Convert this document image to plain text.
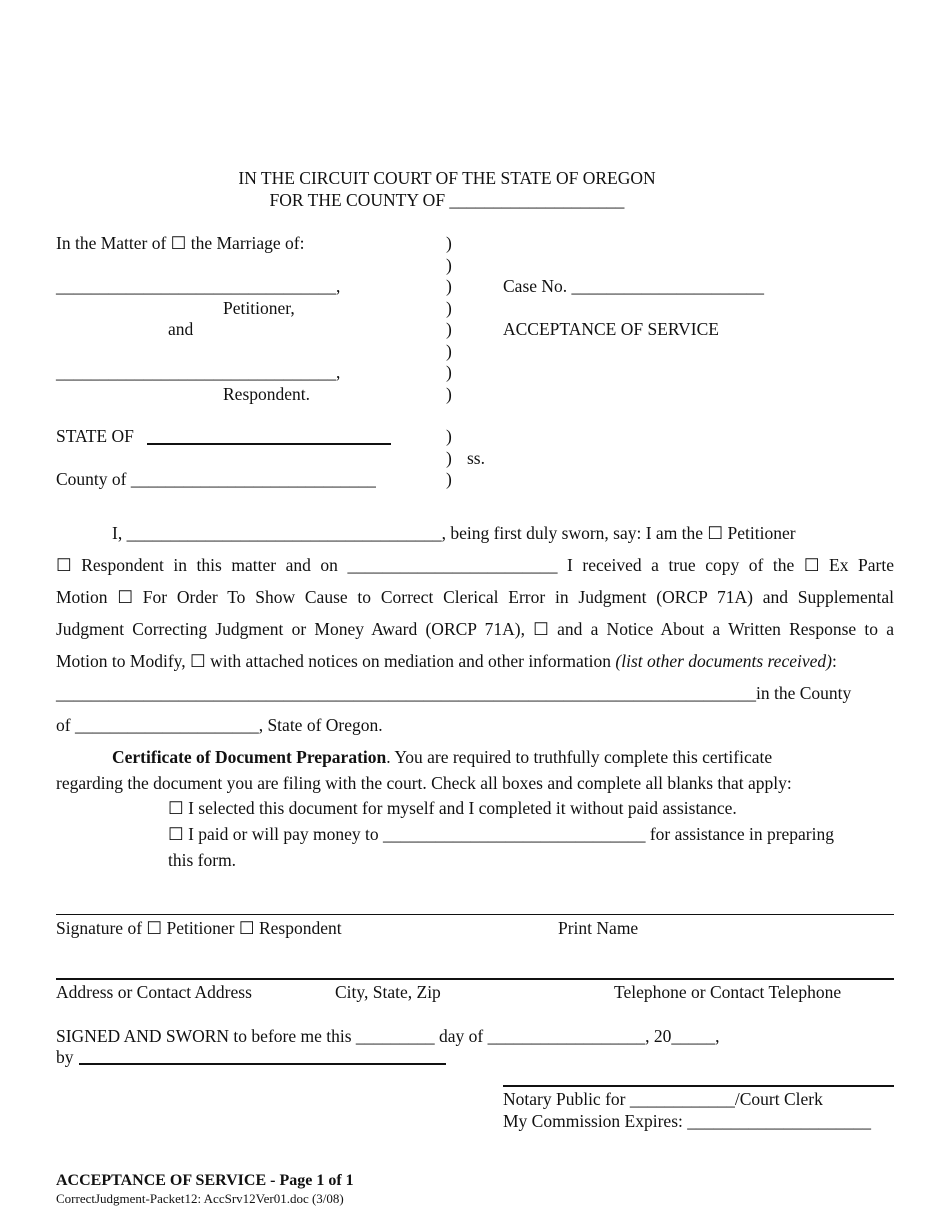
IN THE CIRCUIT COURT OF THE STATE OF OREGON
FOR THE COUNTY OF ____________________
In the Matter of ☐ the Marriage of:
________________________________,
Petitioner,
and
________________________________,
Respondent.
)
)
)
)
)
)
)
)
Case No. ______________________
ACCEPTANCE OF SERVICE
STATE OF	)
) ss.
)
County of ____________________________
I, ____________________________________, being first duly sworn, say: I am the ☐ Petitioner
☐ Respondent in this matter and on ________________________ I received a true copy of the ☐ Ex Parte
Motion ☐ For Order To Show Cause to Correct Clerical Error in Judgment (ORCP 71A) and Supplemental
Judgment Correcting Judgment or Money Award (ORCP 71A), ☐ and a Notice About a Written Response to a
Motion to Modify, ☐ with attached notices on mediation and other information (list other documents received):
________________________________________________________________________________in the County
of _____________________, State of Oregon.
Certificate of Document Preparation. You are required to truthfully complete this certificate
regarding the document you are filing with the court. Check all boxes and complete all blanks that apply:
☐ I selected this document for myself and I completed it without paid assistance.
☐ I paid or will pay money to ______________________________ for assistance in preparing
this form.
Signature of ☐ Petitioner ☐ Respondent	Print Name
Address or Contact Address	City, State, Zip	Telephone or Contact Telephone
SIGNED AND SWORN to before me this _________ day of __________________, 20_____,
by
Notary Public for ____________/Court Clerk
My Commission Expires: _____________________
ACCEPTANCE OF SERVICE - Page 1 of 1
CorrectJudgment-Packet12: AccSrv12Ver01.doc (3/08)
